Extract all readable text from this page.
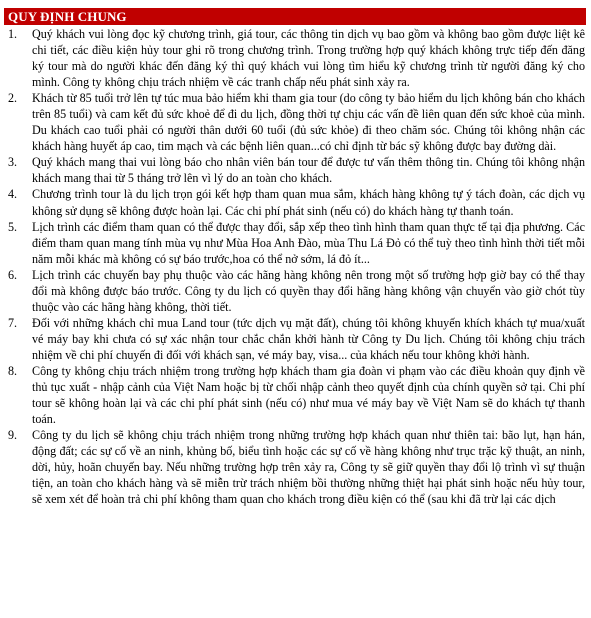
QUY ĐỊNH CHUNG
1.	Quý khách vui lòng đọc kỹ chương trình, giá tour, các thông tin dịch vụ bao gồm và không bao gồm được liệt kê chi tiết, các điều kiện hủy tour ghi rõ trong chương trình. Trong trường hợp quý khách không trực tiếp đến đăng ký tour mà do người khác đến đăng ký thì quý khách vui lòng tìm hiểu kỹ chương trình từ người đăng ký cho mình. Công ty không chịu trách nhiệm về các tranh chấp nếu phát sinh xảy ra.
2.	Khách từ 85 tuổi trở lên tự túc mua bảo hiểm khi tham gia tour (do công ty bảo hiểm du lịch không bán cho khách trên 85 tuổi) và cam kết đủ sức khoẻ để đi du lịch, đồng thời tự chịu các vấn đề liên quan đến sức khoẻ của mình. Du khách cao tuổi phải có người thân dưới 60 tuổi (đủ sức khỏe) đi theo chăm sóc. Chúng tôi không nhận các khách hàng huyết áp cao, tim mạch và các bệnh liên quan...có chỉ định từ bác sỹ không được bay đường dài.
3.	Quý khách mang thai vui lòng báo cho nhân viên bán tour để được tư vấn thêm thông tin. Chúng tôi không nhận khách mang thai từ 5 tháng trở lên vì lý do an toàn cho khách.
4.	Chương trình tour là du lịch trọn gói kết hợp tham quan mua sắm, khách hàng không tự ý tách đoàn, các dịch vụ không sử dụng sẽ không được hoàn lại. Các chi phí phát sinh (nếu có) do khách hàng tự thanh toán.
5.	Lịch trình các điểm tham quan có thể được thay đổi, sắp xếp theo tình hình tham quan thực tế tại địa phương. Các điểm tham quan mang tính mùa vụ như Mùa Hoa Anh Đào, mùa Thu Lá Đỏ có thể tuỳ theo tình hình thời tiết mỗi năm mỗi khác mà không có sự báo trước,hoa có thể nở sớm, lá đỏ ít...
6.	Lịch trình các chuyến bay phụ thuộc vào các hãng hàng không nên trong một số trường hợp giờ bay có thể thay đổi mà không được báo trước. Công ty du lịch có quyền thay đổi hãng hàng không vận chuyển vào giờ chót tùy thuộc vào các hãng hàng không, thời tiết.
7.	Đối với những khách chỉ mua Land tour (tức dịch vụ mặt đất), chúng tôi không khuyến khích khách tự mua/xuất vé máy bay khi chưa có sự xác nhận tour chắc chắn khởi hành từ Công ty Du lịch. Chúng tôi không chịu trách nhiệm về chi phí chuyến đi đối với khách sạn, vé máy bay, visa... của khách nếu tour không khởi hành.
8.	Công ty không chịu trách nhiệm trong trường hợp khách tham gia đoàn vi phạm vào các điều khoản quy định về thủ tục xuất - nhập cảnh của Việt Nam hoặc bị từ chối nhập cảnh theo quyết định của chính quyền sở tại. Chi phí tour sẽ không hoàn lại và các chi phí phát sinh (nếu có) như mua vé máy bay về Việt Nam sẽ do khách tự thanh toán.
9.	Công ty du lịch sẽ không chịu trách nhiệm trong những trường hợp khách quan như thiên tai: bão lụt, hạn hán, động đất; các sự cố về an ninh, khủng bố, biểu tình hoặc các sự cố về hàng không như trục trặc kỹ thuật, an ninh, dời, hủy, hoãn chuyến bay. Nếu những trường hợp trên xảy ra, Công ty sẽ giữ quyền thay đổi lộ trình vì sự thuận tiện, an toàn cho khách hàng và sẽ miễn trừ trách nhiệm bồi thường những thiệt hại phát sinh hoặc nếu hủy tour, sẽ xem xét để hoàn trả chi phí không tham quan cho khách trong điều kiện có thể (sau khi đã trừ lại các dịch
